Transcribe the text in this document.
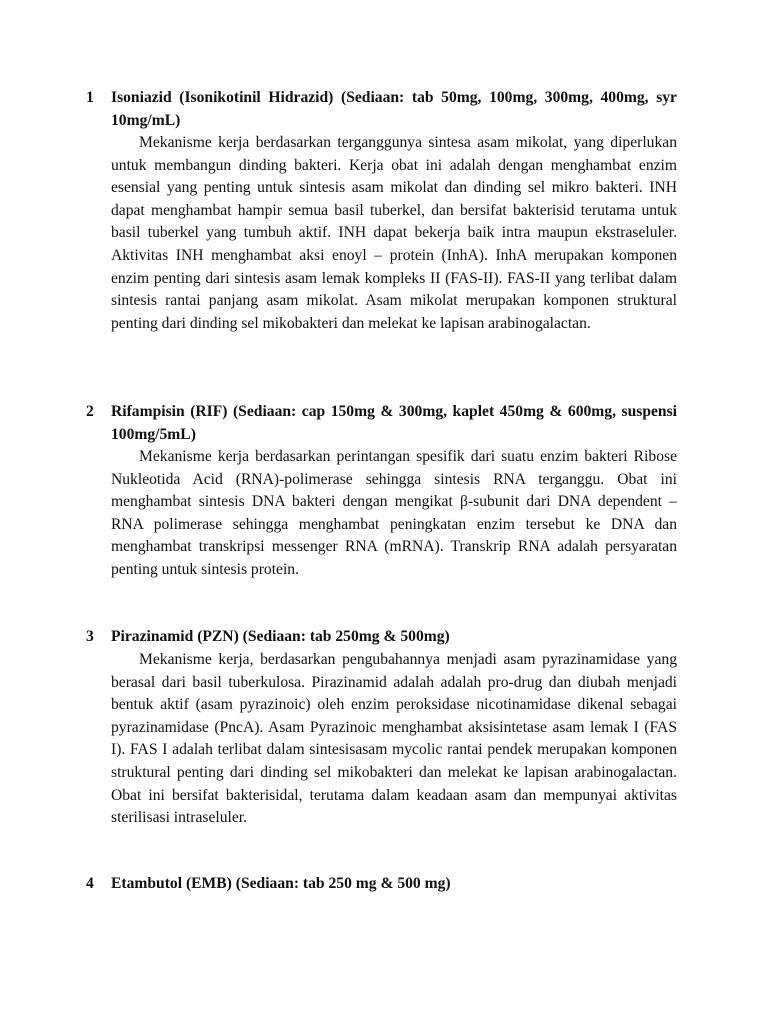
1 Isoniazid (Isonikotinil Hidrazid) (Sediaan: tab 50mg, 100mg, 300mg, 400mg, syr 10mg/mL)

Mekanisme kerja berdasarkan terganggunya sintesa asam mikolat, yang diperlukan untuk membangun dinding bakteri. Kerja obat ini adalah dengan menghambat enzim esensial yang penting untuk sintesis asam mikolat dan dinding sel mikro bakteri. INH dapat menghambat hampir semua basil tuberkel, dan bersifat bakterisid terutama untuk basil tuberkel yang tumbuh aktif. INH dapat bekerja baik intra maupun ekstraseluler. Aktivitas INH menghambat aksi enoyl – protein (InhA). InhA merupakan komponen enzim penting dari sintesis asam lemak kompleks II (FAS-II). FAS-II yang terlibat dalam sintesis rantai panjang asam mikolat. Asam mikolat merupakan komponen struktural penting dari dinding sel mikobakteri dan melekat ke lapisan arabinogalactan.

2 Rifampisin (RIF) (Sediaan: cap 150mg & 300mg, kaplet 450mg & 600mg, suspensi 100mg/5mL)

Mekanisme kerja berdasarkan perintangan spesifik dari suatu enzim bakteri Ribose Nukleotida Acid (RNA)-polimerase sehingga sintesis RNA terganggu. Obat ini menghambat sintesis DNA bakteri dengan mengikat β-subunit dari DNA dependent – RNA polimerase sehingga menghambat peningkatan enzim tersebut ke DNA dan menghambat transkripsi messenger RNA (mRNA). Transkrip RNA adalah persyaratan penting untuk sintesis protein.

3 Pirazinamid (PZN) (Sediaan: tab 250mg & 500mg)

Mekanisme kerja, berdasarkan pengubahannya menjadi asam pyrazinamidase yang berasal dari basil tuberkulosa. Pirazinamid adalah adalah pro-drug dan diubah menjadi bentuk aktif (asam pyrazinoic) oleh enzim peroksidase nicotinamidase dikenal sebagai pyrazinamidase (PncA). Asam Pyrazinoic menghambat aksisintetase asam lemak I (FAS I). FAS I adalah terlibat dalam sintesisasam mycolic rantai pendek merupakan komponen struktural penting dari dinding sel mikobakteri dan melekat ke lapisan arabinogalactan. Obat ini bersifat bakterisidal, terutama dalam keadaan asam dan mempunyai aktivitas sterilisasi intraseluler.

4 Etambutol (EMB) (Sediaan: tab 250 mg & 500 mg)
